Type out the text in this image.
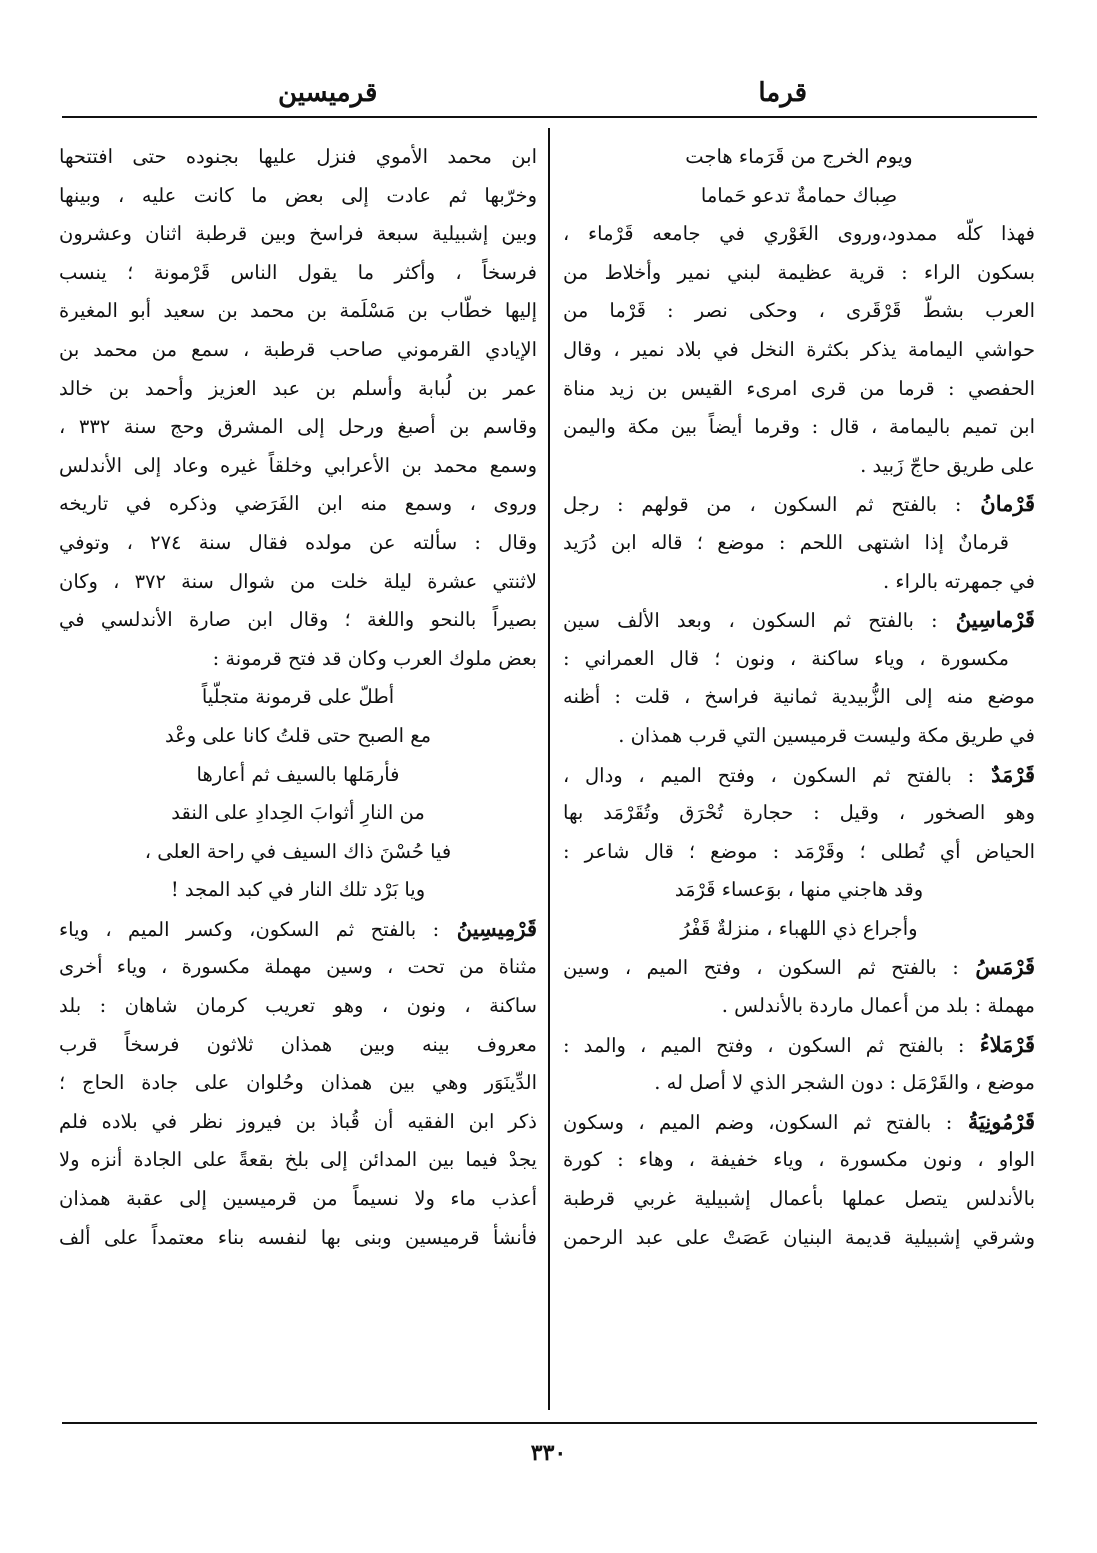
قرما
قرميسين
ويوم الخرج من قَرَماء هاجت
صِباك حمامةٌ تدعو حَماما
فهذا كلّه ممدود،وروى الغَوْري في جامعه قَرْماء ،
بسكون الراء : قرية عظيمة لبني نمير وأخلاط من
العرب بشطّ قَرْقَرى ، وحكى نصر : قَرْما من
حواشي اليمامة يذكر بكثرة النخل في بلاد نمير ، وقال
الحفصي : قرما من قرى امرىء القيس بن زيد مناة
ابن تميم باليمامة ، قال : وقرما أيضاً بين مكة واليمن
على طريق حاجّ زَبيد .
قَرْمانُ : بالفتح ثم السكون ، من قولهم : رجل
قرمانٌ إذا اشتهى اللحم : موضع ؛ قاله ابن دُرَيد
في جمهرته بالراء .
قَرْماسِينُ : بالفتح ثم السكون ، وبعد الألف سين
مكسورة ، وياء ساكنة ، ونون ؛ قال العمراني :
موضع منه إلى الزُّبيدية ثمانية فراسخ ، قلت : أظنه
في طريق مكة وليست قرميسين التي قرب همذان .
قَرْمَدٌ : بالفتح ثم السكون ، وفتح الميم ، ودال ،
وهو الصخور ، وقيل : حجارة تُحْرَق وتُقَرْمَد بها
الحياض أي تُطلى ؛ وقَرْمَد : موضع ؛ قال شاعر :
وقد هاجني منها ، بوَعساء قَرْمَد
وأجراع ذي اللهباء ، منزلةٌ قَفْرُ
قَرْمَسُ : بالفتح ثم السكون ، وفتح الميم ، وسين
مهملة : بلد من أعمال ماردة بالأندلس .
قَرْمَلاءُ : بالفتح ثم السكون ، وفتح الميم ، والمد :
موضع ، والقَرْمَل : دون الشجر الذي لا أصل له .
قَرْمُونِيَةُ : بالفتح ثم السكون، وضم الميم ، وسكون
الواو ، ونون مكسورة ، وياء خفيفة ، وهاء : كورة
بالأندلس يتصل عملها بأعمال إشبيلية غربي قرطبة
وشرقي إشبيلية قديمة البنيان عَصَتْ على عبد الرحمن
ابن محمد الأموي فنزل عليها بجنوده حتى افتتحها
وخرّبها ثم عادت إلى بعض ما كانت عليه ، وبينها
وبين إشبيلية سبعة فراسخ وبين قرطبة اثنان وعشرون
فرسخاً ، وأكثر ما يقول الناس قَرْمونة ؛ ينسب
إليها خطّاب بن مَسْلَمة بن محمد بن سعيد أبو المغيرة
الإيادي القرموني صاحب قرطبة ، سمع من محمد بن
عمر بن لُبابة وأسلم بن عبد العزيز وأحمد بن خالد
وقاسم بن أصبغ ورحل إلى المشرق وحج سنة ٣٣٢ ،
وسمع محمد بن الأعرابي وخلقاً غيره وعاد إلى الأندلس
وروى ، وسمع منه ابن الفَرَضي وذكره في تاريخه
وقال : سألته عن مولده فقال سنة ٢٧٤ ، وتوفي
لاثنتي عشرة ليلة خلت من شوال سنة ٣٧٢ ، وكان
بصيراً بالنحو واللغة ؛ وقال ابن صارة الأندلسي في
بعض ملوك العرب وكان قد فتح قرمونة :
أطلّ على قرمونة متجلّياً
مع الصبح حتى قلتُ كانا على وعْد
فأرمَلها بالسيف ثم أعارها
من النارِ أثوابَ الحِدادِ على النقد
فيا حُسْنَ ذاك السيف في راحة العلى ،
ويا بَرْد تلك النار في كبد المجد !
قَرْمِيسِينُ : بالفتح ثم السكون، وكسر الميم ، وياء
مثناة من تحت ، وسين مهملة مكسورة ، وياء أخرى
ساكنة ، ونون ، وهو تعريب كرمان شاهان : بلد
معروف بينه وبين همذان ثلاثون فرسخاً قرب
الدِّينَوَر وهي بين همذان وحُلوان على جادة الحاج ؛
ذكر ابن الفقيه أن قُباذ بن فيروز نظر في بلاده فلم
يجدْ فيما بين المدائن إلى بلخ بقعةً على الجادة أنزه ولا
أعذب ماء ولا نسيماً من قرميسين إلى عقبة همذان
فأنشأ قرميسين وبنى بها لنفسه بناء معتمداً على ألف
٣٣٠
